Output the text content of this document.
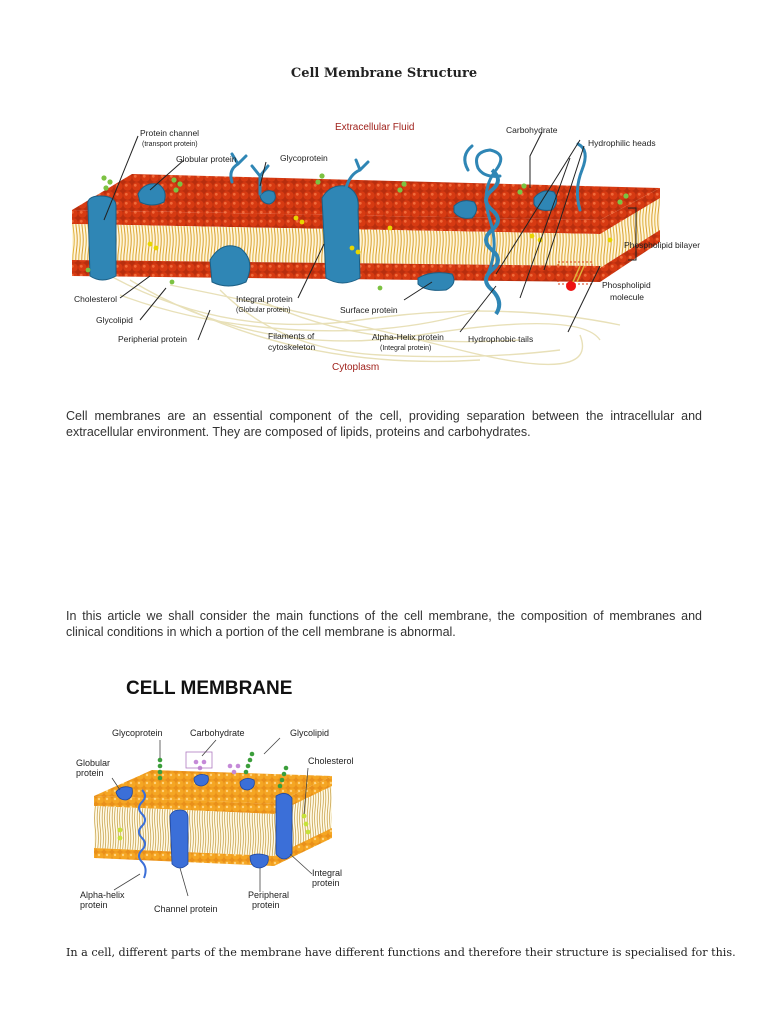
Cell Membrane Structure
Extracellular Fluid
Protein channel
(transport protein)
Globular protein	Glycoprotein
Carbohydrate
Hydrophilic heads
Phospholipid bilayer
Phospholipid
molecule
Cholesterol
Glycolipid
Peripherial protein
Integral protein
(Globular protein)
Filaments of
cytoskeleton
Surface protein
Alpha-Helix protein
(Integral protein)
Hydrophobic tails
Cytoplasm
Cell membranes are an essential component of the cell, providing separation between the intracellular and extracellular environment. They are composed of lipids, proteins and carbohydrates.
In this article we shall consider the main functions of the cell membrane, the composition of membranes and clinical conditions in which a portion of the cell membrane is abnormal.
CELL MEMBRANE
Glycoprotein	Carbohydrate	Glycolipid
Globular
protein
Cholesterol
Integral
protein
Alpha-helix
protein	Channel protein
Peripheral
protein
In a cell, different parts of the membrane have different functions and therefore their structure is specialised for this.
